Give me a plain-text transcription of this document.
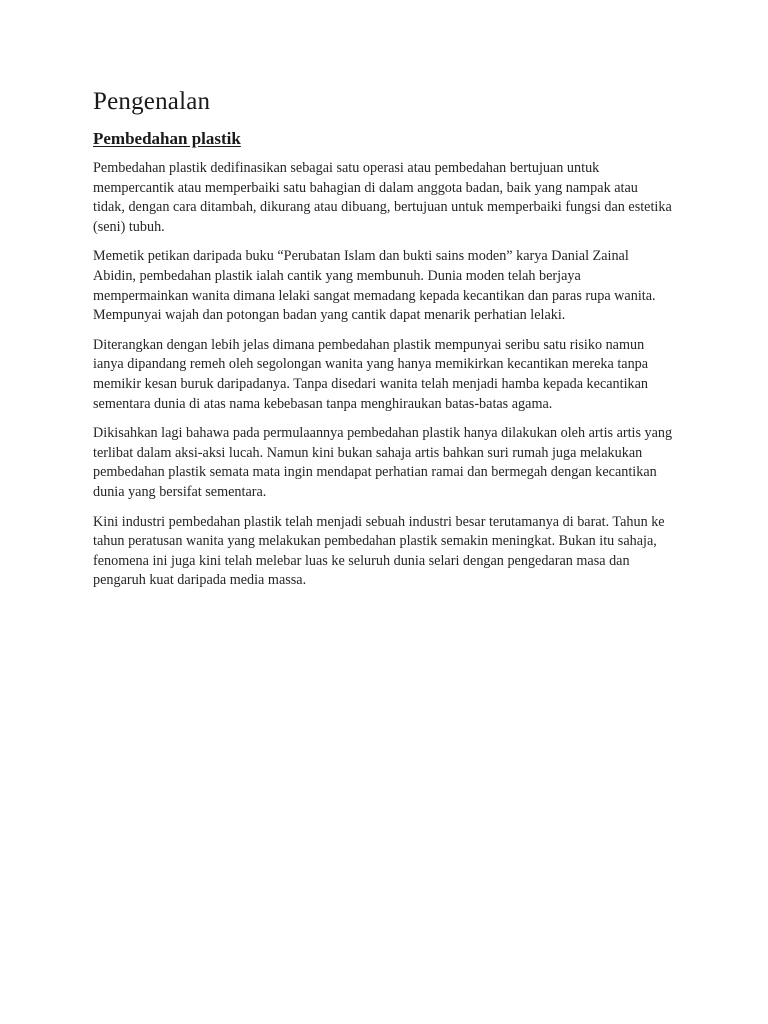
Pengenalan
Pembedahan plastik

Pembedahan plastik dedifinasikan sebagai satu operasi atau pembedahan bertujuan untuk mempercantik atau memperbaiki satu bahagian di dalam anggota badan, baik yang nampak atau tidak, dengan cara ditambah, dikurang atau dibuang, bertujuan untuk memperbaiki fungsi dan estetika (seni) tubuh.

Memetik petikan daripada buku “Perubatan Islam dan bukti sains moden” karya Danial Zainal Abidin, pembedahan plastik ialah cantik yang membunuh. Dunia moden telah berjaya mempermainkan wanita dimana lelaki sangat memadang kepada kecantikan dan paras rupa wanita. Mempunyai wajah dan potongan badan yang cantik dapat menarik perhatian lelaki.

Diterangkan dengan lebih jelas dimana pembedahan plastik mempunyai seribu satu risiko namun ianya dipandang remeh oleh segolongan wanita yang hanya memikirkan kecantikan mereka tanpa memikir kesan buruk daripadanya. Tanpa disedari wanita telah menjadi hamba kepada kecantikan sementara dunia di atas nama kebebasan tanpa menghiraukan batas-batas agama.

Dikisahkan lagi bahawa pada permulaannya pembedahan plastik hanya dilakukan oleh artis artis yang terlibat dalam aksi-aksi lucah. Namun kini bukan sahaja artis bahkan suri rumah juga melakukan pembedahan plastik semata mata ingin mendapat perhatian ramai dan bermegah dengan kecantikan dunia yang bersifat sementara.

Kini industri pembedahan plastik telah menjadi sebuah industri besar terutamanya di barat. Tahun ke tahun peratusan wanita yang melakukan pembedahan plastik semakin meningkat. Bukan itu sahaja, fenomena ini juga kini telah melebar luas ke seluruh dunia selari dengan pengedaran masa dan pengaruh kuat daripada media massa.
